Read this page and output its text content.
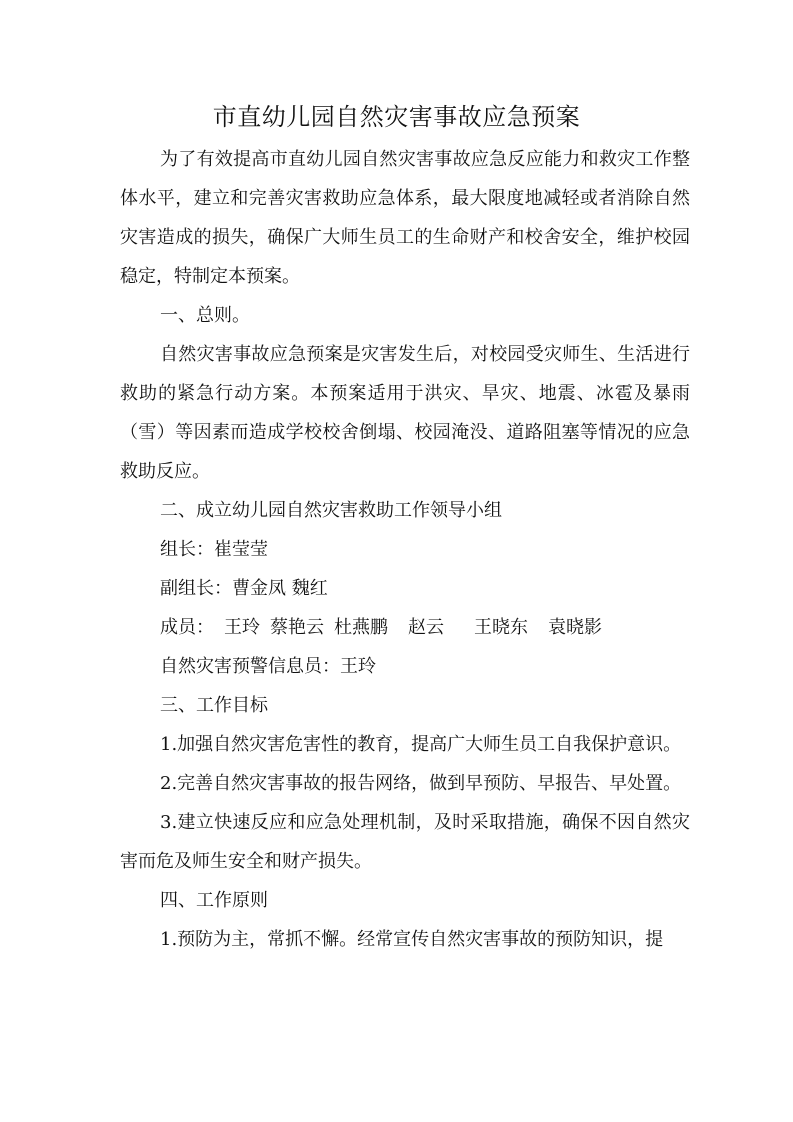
市直幼儿园自然灾害事故应急预案

为了有效提高市直幼儿园自然灾害事故应急反应能力和救灾工作整体水平，建立和完善灾害救助应急体系，最大限度地减轻或者消除自然灾害造成的损失，确保广大师生员工的生命财产和校舍安全，维护校园稳定，特制定本预案。

一、总则。

自然灾害事故应急预案是灾害发生后，对校园受灾师生、生活进行救助的紧急行动方案。本预案适用于洪灾、旱灾、地震、冰雹及暴雨（雪）等因素而造成学校校舍倒塌、校园淹没、道路阻塞等情况的应急救助反应。

二、成立幼儿园自然灾害救助工作领导小组

组长：崔莹莹

副组长：曹金凤 魏红

成员： 王玲 蔡艳云 杜燕鹏 赵云 王晓东 袁晓影

自然灾害预警信息员：王玲

三、工作目标

1.加强自然灾害危害性的教育，提高广大师生员工自我保护意识。

2.完善自然灾害事故的报告网络，做到早预防、早报告、早处置。

3.建立快速反应和应急处理机制，及时采取措施，确保不因自然灾害而危及师生安全和财产损失。

四、工作原则

1.预防为主，常抓不懈。经常宣传自然灾害事故的预防知识，提
